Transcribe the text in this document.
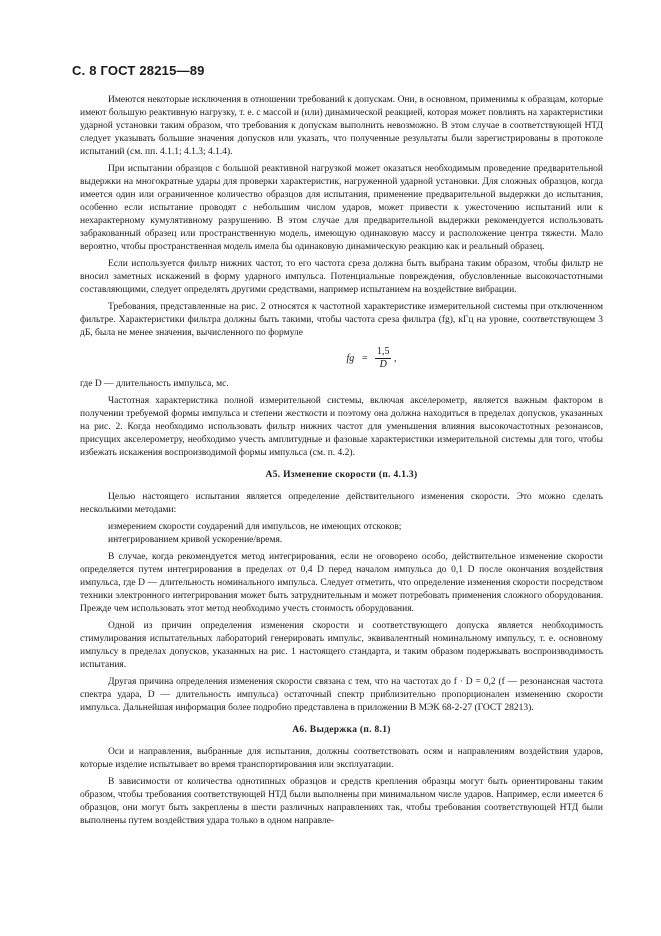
С. 8 ГОСТ 28215—89

Имеются некоторые исключения в отношении требований к допускам. Они, в основном, применимы к образцам, которые имеют большую реактивную нагрузку, т. е. с массой и (или) динамической реакцией, которая может повлиять на характеристики ударной установки таким образом, что требования к допускам выполнить невозможно. В этом случае в соответствующей НТД следует указывать большие значения допусков или указать, что полученные результаты были зарегистрированы в протоколе испытаний (см. пп. 4.1.1; 4.1.3; 4.1.4).

При испытании образцов с большой реактивной нагрузкой может оказаться необходимым проведение предварительной выдержки на многократные удары для проверки характеристик, нагруженной ударной установки. Для сложных образцов, когда имеется один или ограниченное количество образцов для испытания, применение предварительной выдержки до испытания, особенно если испытание проводят с небольшим числом ударов, может привести к ужесточению испытаний или к нехарактерному кумулятивному разрушению. В этом случае для предварительной выдержки рекомендуется использовать забракованный образец или пространственную модель, имеющую одинаковую массу и расположение центра тяжести. Мало вероятно, чтобы пространственная модель имела бы одинаковую динамическую реакцию как и реальный образец.

Если используется фильтр нижних частот, то его частота среза должна быть выбрана таким образом, чтобы фильтр не вносил заметных искажений в форму ударного импульса. Потенциальные повреждения, обусловленные высокочастотными составляющими, следует определять другими средствами, например испытанием на воздействие вибрации.

Требования, представленные на рис. 2 относятся к частотной характеристике измерительной системы при отключенном фильтре. Характеристики фильтра должны быть такими, чтобы частота среза фильтра (fg), кГц на уровне, соответствующем 3 дБ, была не менее значения, вычисленного по формуле

fg = $\frac{1,5}{D}$ ,

где D — длительность импульса, мс.

Частотная характеристика полной измерительной системы, включая акселерометр, является важным фактором в получении требуемой формы импульса и степени жесткости и поэтому она должна находиться в пределах допусков, указанных на рис. 2. Когда необходимо использовать фильтр нижних частот для уменьшения влияния высокочастотных резонансов, присущих акселерометру, необходимо учесть амплитудные и фазовые характеристики измерительной системы для того, чтобы избежать искажения воспроизводимой формы импульса (см. п. 4.2).

А5. Изменение скорости (п. 4.1.3)

Целью настоящего испытания является определение действительного изменения скорости. Это можно сделать несколькими методами:

измерением скорости соударений для импульсов, не имеющих отскоков;

интегрированием кривой ускорение/время.

В случае, когда рекомендуется метод интегрирования, если не оговорено особо, действительное изменение скорости определяется путем интегрирования в пределах от 0,4 D перед началом импульса до 0,1 D после окончания воздействия импульса, где D — длительность номинального импульса. Следует отметить, что определение изменения скорости посредством техники электронного интегрирования может быть затруднительным и может потребовать применения сложного оборудования. Прежде чем использовать этот метод необходимо учесть стоимость оборудования.

Одной из причин определения изменения скорости и соответствующего допуска является необходимость стимулирования испытательных лабораторий генерировать импульс, эквивалентный номинальному импульсу, т. е. основному импульсу в пределах допусков, указанных на рис. 1 настоящего стандарта, и таким образом подержывать воспроизводимость испытания.

Другая причина определения изменения скорости связана с тем, что на частотах до f · D = 0,2 (f — резонансная частота спектра удара, D — длительность импульса) остаточный спектр приблизительно пропорционален изменению скорости импульса. Дальнейшая информация более подробно представлена в приложении В МЭК 68-2-27 (ГОСТ 28213).

А6. Выдержка (п. 8.1)

Оси и направления, выбранные для испытания, должны соответствовать осям и направлениям воздействия ударов, которые изделие испытывает во время транспортирования или эксплуатации.

В зависимости от количества однотипных образцов и средств крепления образцы могут быть ориентированы таким образом, чтобы требования соответствующей НТД были выполнены при минимальном числе ударов. Например, если имеется 6 образцов, они могут быть закреплены в шести различных направлениях так, чтобы требования соответствующей НТД были выполнены путем воздействия удара только в одном направле-
